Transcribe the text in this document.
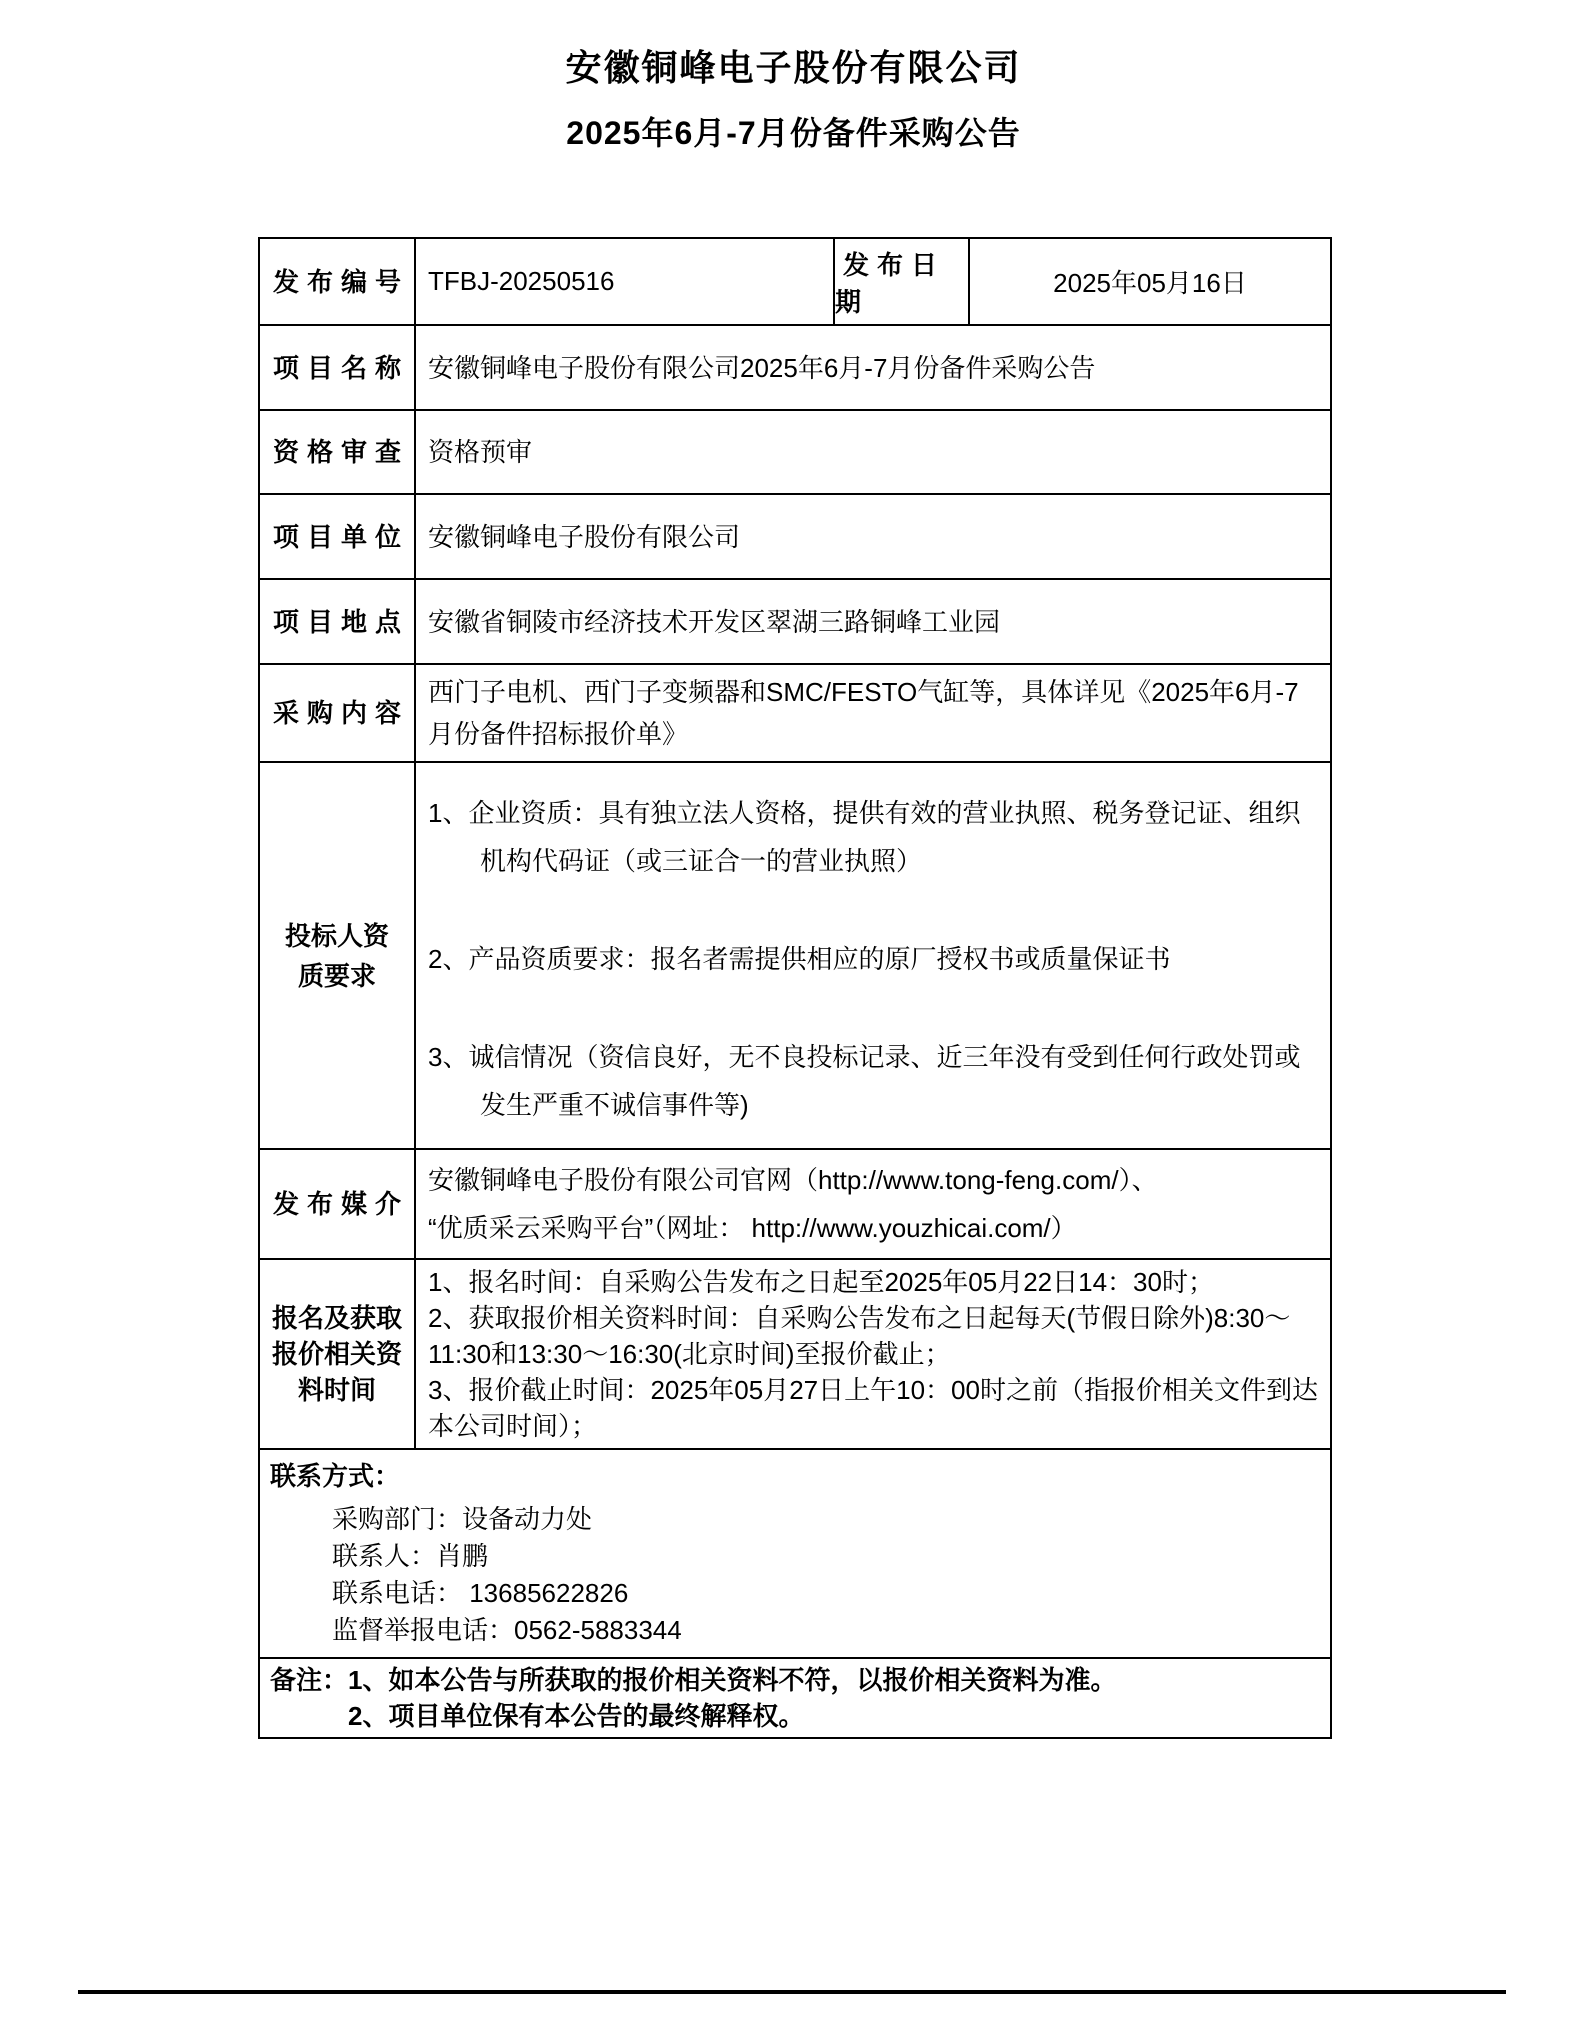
安徽铜峰电子股份有限公司
2025年6月-7月份备件采购公告
发布编号 TFBJ-20250516
发布日期
2025年05月16日
项目名称 安徽铜峰电子股份有限公司2025年6月-7月份备件采购公告
资格审查 资格预审
项目单位 安徽铜峰电子股份有限公司
项目地点 安徽省铜陵市经济技术开发区翠湖三路铜峰工业园
采购内容
西门子电机、西门子变频器和SMC/FESTO气缸等，具体详见《2025年6月-7月份备件招标报价单》
投标人资
质要求
1、企业资质：具有独立法人资格，提供有效的营业执照、税务登记证、组织机构代码证（或三证合一的营业执照）
2、产品资质要求：报名者需提供相应的原厂授权书或质量保证书
3、诚信情况（资信良好，无不良投标记录、近三年没有受到任何行政处罚或发生严重不诚信事件等)
发布媒介
安徽铜峰电子股份有限公司官网（http://www.tong-feng.com/）、
“优质采云采购平台”（网址： http://www.youzhicai.com/）
报名及获取
报价相关资
料时间
1、报名时间：自采购公告发布之日起至2025年05月22日14：30时；
2、获取报价相关资料时间：自采购公告发布之日起每天(节假日除外)8:30～11:30和13:30～16:30(北京时间)至报价截止；
3、报价截止时间：2025年05月27日上午10：00时之前（指报价相关文件到达本公司时间）；
联系方式：
采购部门：设备动力处
联系人：肖鹏
联系电话： 13685622826
监督举报电话：0562-5883344
备注：1、如本公告与所获取的报价相关资料不符，以报价相关资料为准。
2、项目单位保有本公告的最终解释权。
